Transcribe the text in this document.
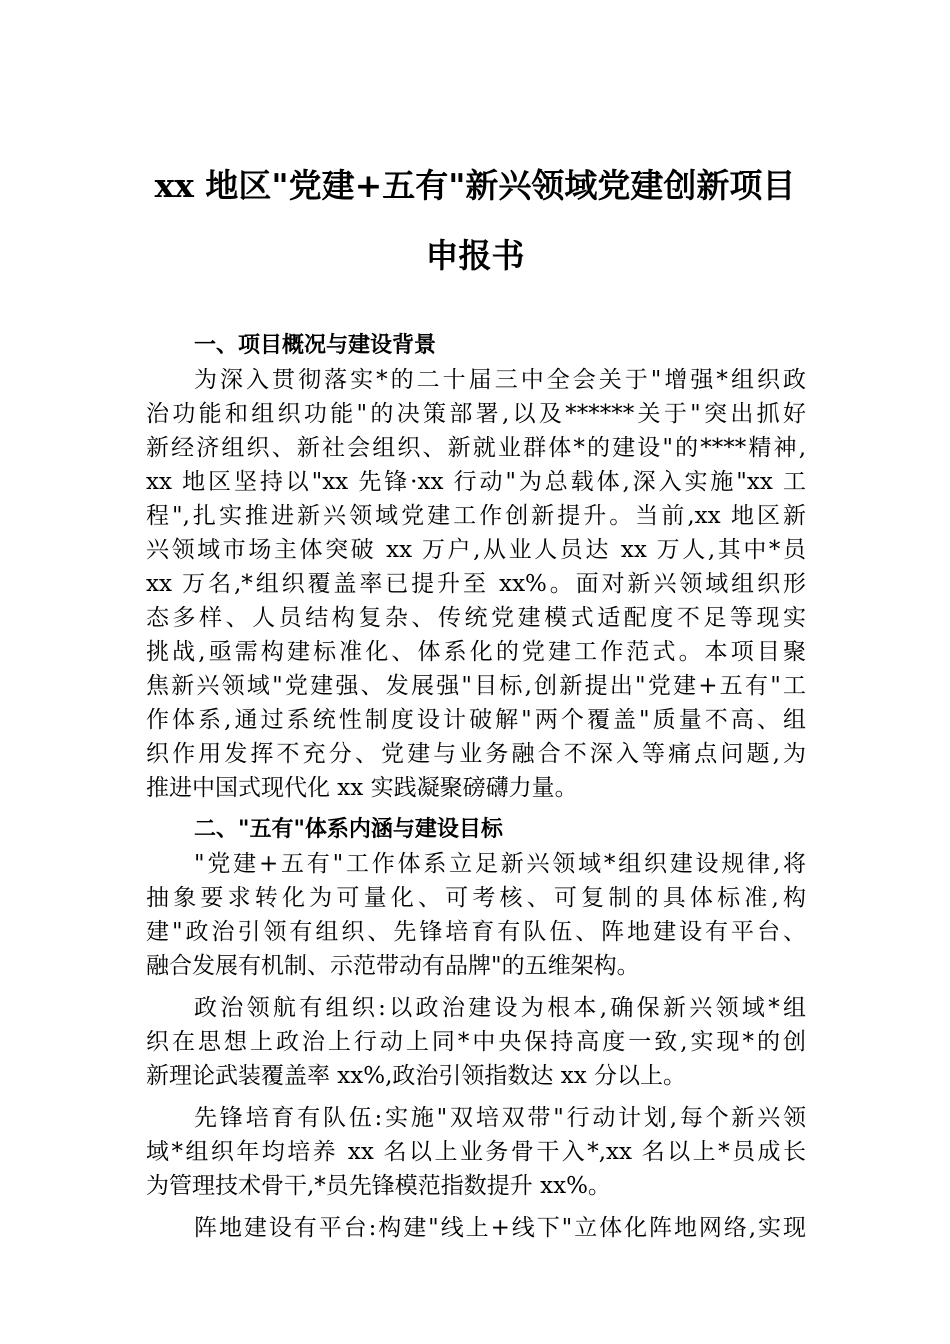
xx 地区"党建+五有"新兴领域党建创新项目
申报书
一、项目概况与建设背景
为深入贯彻落实*的二十届三中全会关于"增强*组织政
治功能和组织功能"的决策部署,以及******关于"突出抓好
新经济组织、新社会组织、新就业群体*的建设"的****精神,
xx 地区坚持以"xx 先锋·xx 行动"为总载体,深入实施"xx 工
程",扎实推进新兴领域党建工作创新提升。当前,xx 地区新
兴领域市场主体突破 xx 万户,从业人员达 xx 万人,其中*员
xx 万名,*组织覆盖率已提升至 xx%。面对新兴领域组织形
态多样、人员结构复杂、传统党建模式适配度不足等现实
挑战,亟需构建标准化、体系化的党建工作范式。本项目聚
焦新兴领域"党建强、发展强"目标,创新提出"党建+五有"工
作体系,通过系统性制度设计破解"两个覆盖"质量不高、组
织作用发挥不充分、党建与业务融合不深入等痛点问题,为
推进中国式现代化 xx 实践凝聚磅礴力量。
二、"五有"体系内涵与建设目标
"党建+五有"工作体系立足新兴领域*组织建设规律,将
抽象要求转化为可量化、可考核、可复制的具体标准,构
建"政治引领有组织、先锋培育有队伍、阵地建设有平台、
融合发展有机制、示范带动有品牌"的五维架构。
政治领航有组织:以政治建设为根本,确保新兴领域*组
织在思想上政治上行动上同*中央保持高度一致,实现*的创
新理论武装覆盖率 xx%,政治引领指数达 xx 分以上。
先锋培育有队伍:实施"双培双带"行动计划,每个新兴领
域*组织年均培养 xx 名以上业务骨干入*,xx 名以上*员成长
为管理技术骨干,*员先锋模范指数提升 xx%。
阵地建设有平台:构建"线上+线下"立体化阵地网络,实现
